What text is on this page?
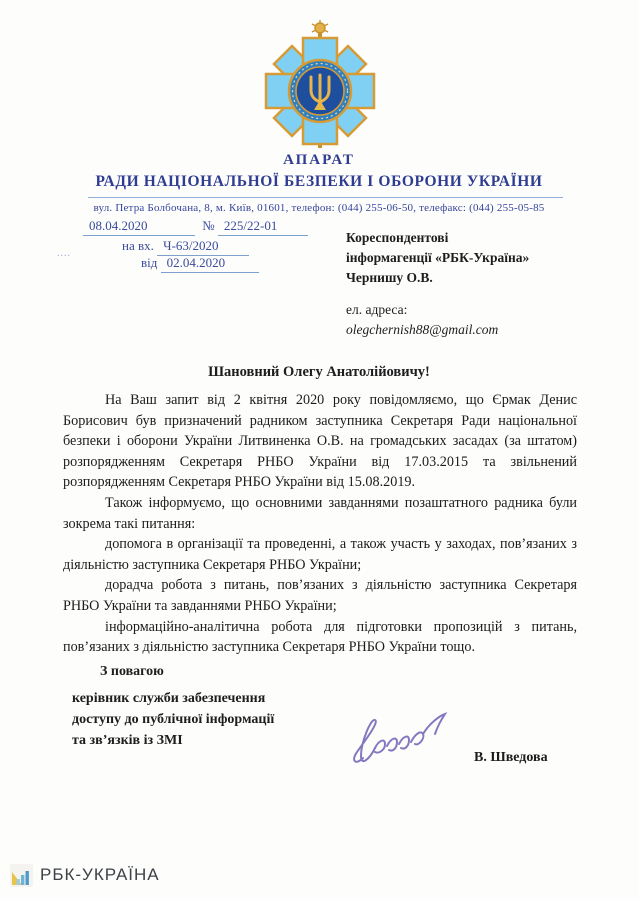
АПАРАТ
РАДИ НАЦІОНАЛЬНОЇ БЕЗПЕКИ І ОБОРОНИ УКРАЇНИ
вул. Петра Болбочана, 8, м. Київ, 01601, телефон: (044) 255-06-50, телефакс: (044) 255-05-85
08.04.2020	№ 225/22-01
....
на вх. Ч-63/2020
від 02.04.2020
Кореспондентові
інформагенції «РБК-Україна»
Чернишу О.В.
ел. адреса:
olegchernish88@gmail.com
Шановний Олегу Анатолійовичу!

На Ваш запит від 2 квітня 2020 року повідомляємо, що Єрмак Денис Борисович був призначений радником заступника Секретаря Ради національної безпеки і оборони України Литвиненка О.В. на громадських засадах (за штатом) розпорядженням Секретаря РНБО України від 17.03.2015 та звільнений розпорядженням Секретаря РНБО України від 15.08.2019.

Також інформуємо, що основними завданнями позаштатного радника були зокрема такі питання:

допомога в організації та проведенні, а також участь у заходах, пов’язаних з діяльністю заступника Секретаря РНБО України;

дорадча робота з питань, пов’язаних з діяльністю заступника Секретаря РНБО України та завданнями РНБО України;

інформаційно-аналітична робота для підготовки пропозицій з питань, пов’язаних з діяльністю заступника Секретаря РНБО України тощо.

З повагою
керівник служби забезпечення
доступу до публічної інформації
та зв’язків із ЗМІ
В. Шведова
РБК-УКРАЇНА
